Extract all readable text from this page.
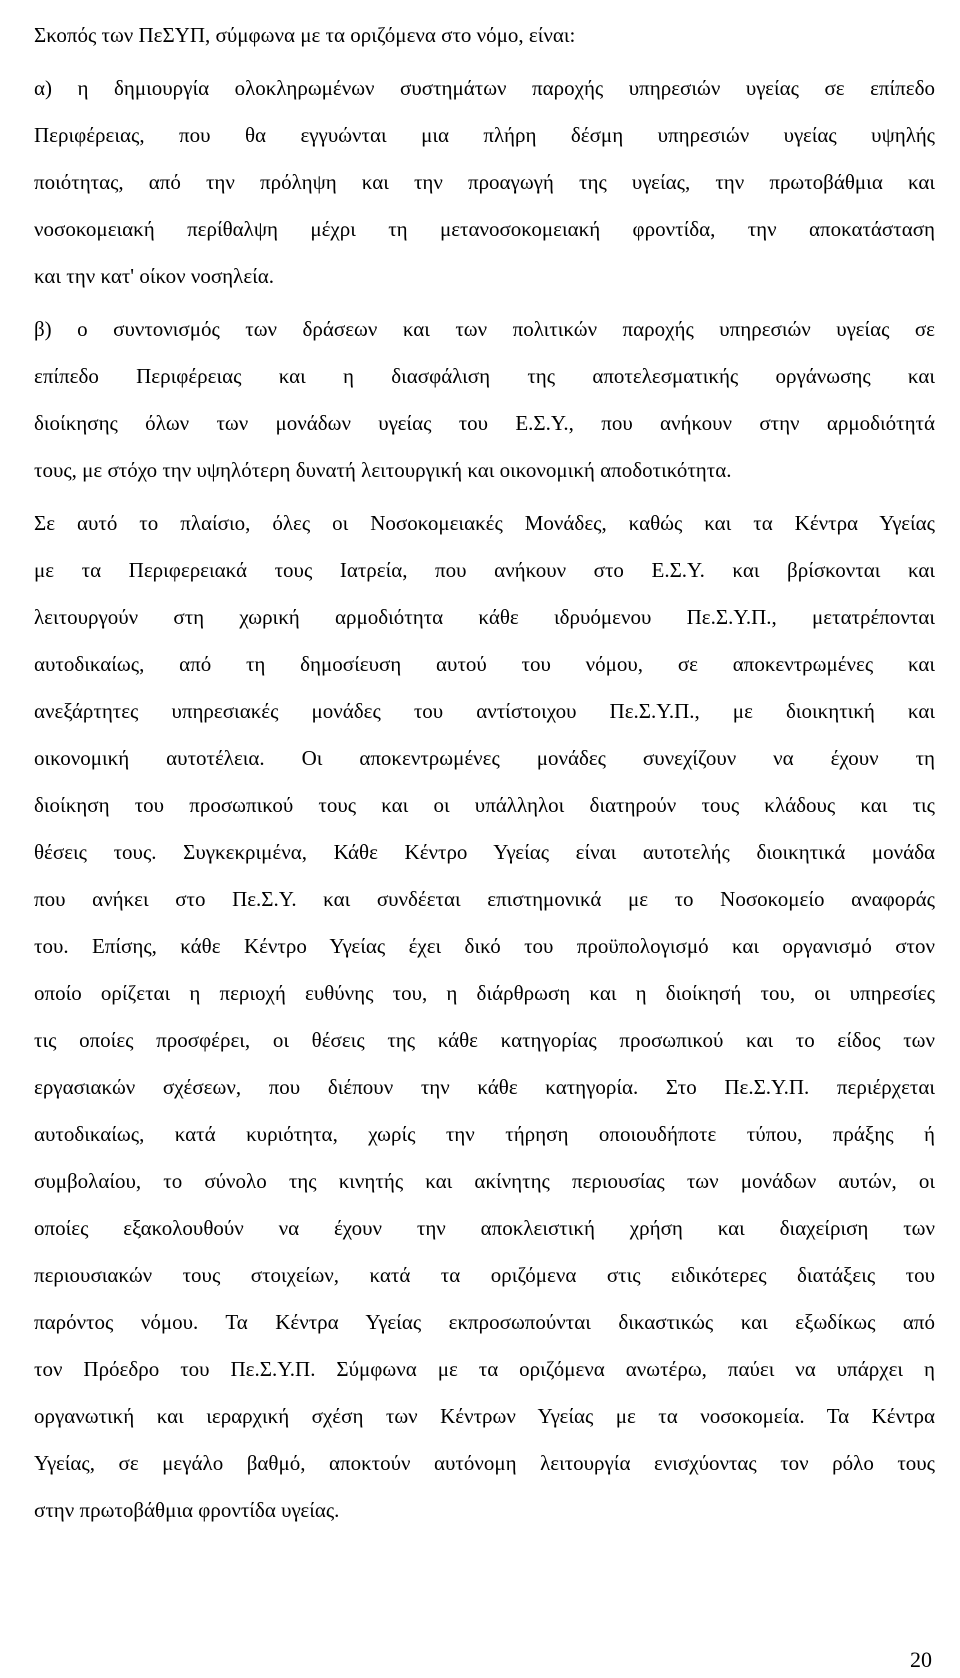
Σκοπός των ΠεΣΥΠ, σύμφωνα με τα οριζόμενα στο νόμο, είναι:

α) η δημιουργία ολοκληρωμένων συστημάτων παροχής υπηρεσιών υγείας σε επίπεδο
Περιφέρειας, που θα εγγυώνται μια πλήρη δέσμη υπηρεσιών υγείας υψηλής
ποιότητας, από την πρόληψη και την προαγωγή της υγείας, την πρωτοβάθμια και
νοσοκομειακή περίθαλψη μέχρι τη μετανοσοκομειακή φροντίδα, την αποκατάσταση
και την κατ' οίκον νοσηλεία.
β) ο συντονισμός των δράσεων και των πολιτικών παροχής υπηρεσιών υγείας σε
επίπεδο Περιφέρειας και η διασφάλιση της αποτελεσματικής οργάνωσης και
διοίκησης όλων των μονάδων υγείας του Ε.Σ.Υ., που ανήκουν στην αρμοδιότητά
τους, με στόχο την υψηλότερη δυνατή λειτουργική και οικονομική αποδοτικότητα.
Σε αυτό το πλαίσιο, όλες οι Νοσοκομειακές Μονάδες, καθώς και τα Κέντρα Υγείας
με τα Περιφερειακά τους Ιατρεία, που ανήκουν στο Ε.Σ.Υ. και βρίσκονται και
λειτουργούν στη χωρική αρμοδιότητα κάθε ιδρυόμενου Πε.Σ.Υ.Π., μετατρέπονται
αυτοδικαίως, από τη δημοσίευση αυτού του νόμου, σε αποκεντρωμένες και
ανεξάρτητες υπηρεσιακές μονάδες του αντίστοιχου Πε.Σ.Υ.Π., με διοικητική και
οικονομική αυτοτέλεια. Οι αποκεντρωμένες μονάδες συνεχίζουν να έχουν τη
διοίκηση του προσωπικού τους και οι υπάλληλοι διατηρούν τους κλάδους και τις
θέσεις τους. Συγκεκριμένα, Κάθε Κέντρο Υγείας είναι αυτοτελής διοικητικά μονάδα
που ανήκει στο Πε.Σ.Υ. και συνδέεται επιστημονικά με το Νοσοκομείο αναφοράς
του. Επίσης, κάθε Κέντρο Υγείας έχει δικό του προϋπολογισμό και οργανισμό στον
οποίο ορίζεται η περιοχή ευθύνης του, η διάρθρωση και η διοίκησή του, οι υπηρεσίες
τις οποίες προσφέρει, οι θέσεις της κάθε κατηγορίας προσωπικού και το είδος των
εργασιακών σχέσεων, που διέπουν την κάθε κατηγορία. Στο Πε.Σ.Υ.Π. περιέρχεται
αυτοδικαίως, κατά κυριότητα, χωρίς την τήρηση οποιουδήποτε τύπου, πράξης ή
συμβολαίου, το σύνολο της κινητής και ακίνητης περιουσίας των μονάδων αυτών, οι
οποίες εξακολουθούν να έχουν την αποκλειστική χρήση και διαχείριση των
περιουσιακών τους στοιχείων, κατά τα οριζόμενα στις ειδικότερες διατάξεις του
παρόντος νόμου. Τα Κέντρα Υγείας εκπροσωπούνται δικαστικώς και εξωδίκως από
τον Πρόεδρο του Πε.Σ.Υ.Π. Σύμφωνα με τα οριζόμενα ανωτέρω, παύει να υπάρχει η
οργανωτική και ιεραρχική σχέση των Κέντρων Υγείας με τα νοσοκομεία. Τα Κέντρα
Υγείας, σε μεγάλο βαθμό, αποκτούν αυτόνομη λειτουργία ενισχύοντας τον ρόλο τους
στην πρωτοβάθμια φροντίδα υγείας.
20
